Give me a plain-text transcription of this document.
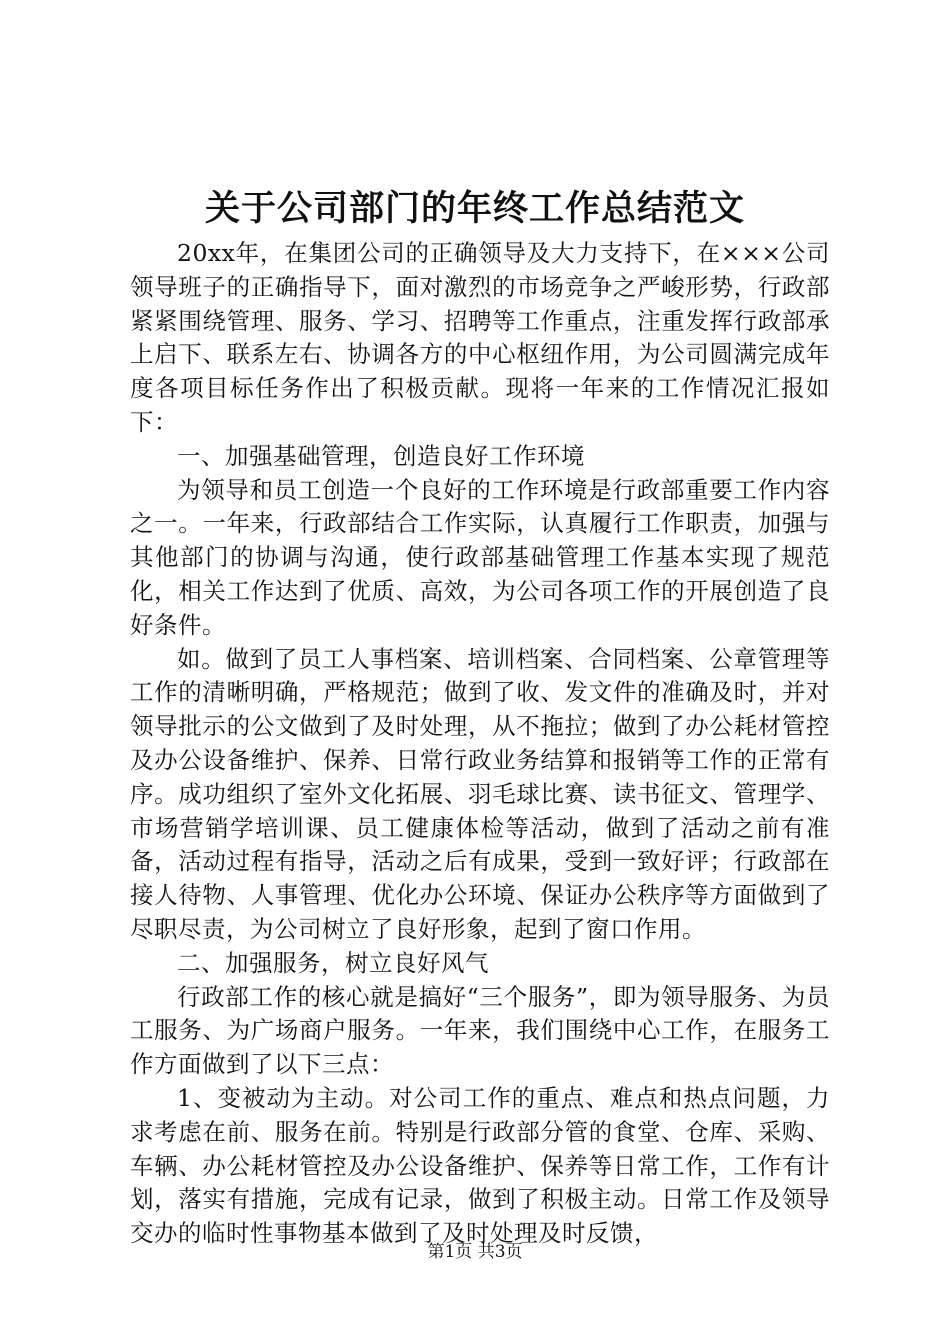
关于公司部门的年终工作总结范文

20xx年，在集团公司的正确领导及大力支持下，在×××公司领导班子的正确指导下，面对激烈的市场竞争之严峻形势，行政部紧紧围绕管理、服务、学习、招聘等工作重点，注重发挥行政部承上启下、联系左右、协调各方的中心枢纽作用，为公司圆满完成年度各项目标任务作出了积极贡献。现将一年来的工作情况汇报如下：

一、加强基础管理，创造良好工作环境

为领导和员工创造一个良好的工作环境是行政部重要工作内容之一。一年来，行政部结合工作实际，认真履行工作职责，加强与其他部门的协调与沟通，使行政部基础管理工作基本实现了规范化，相关工作达到了优质、高效，为公司各项工作的开展创造了良好条件。

如。做到了员工人事档案、培训档案、合同档案、公章管理等工作的清晰明确，严格规范；做到了收、发文件的准确及时，并对领导批示的公文做到了及时处理，从不拖拉；做到了办公耗材管控及办公设备维护、保养、日常行政业务结算和报销等工作的正常有序。成功组织了室外文化拓展、羽毛球比赛、读书征文、管理学、市场营销学培训课、员工健康体检等活动，做到了活动之前有准备，活动过程有指导，活动之后有成果，受到一致好评；行政部在接人待物、人事管理、优化办公环境、保证办公秩序等方面做到了尽职尽责，为公司树立了良好形象，起到了窗口作用。

二、加强服务，树立良好风气

行政部工作的核心就是搞好“三个服务”，即为领导服务、为员工服务、为广场商户服务。一年来，我们围绕中心工作，在服务工作方面做到了以下三点：

1、变被动为主动。对公司工作的重点、难点和热点问题，力求考虑在前、服务在前。特别是行政部分管的食堂、仓库、采购、车辆、办公耗材管控及办公设备维护、保养等日常工作，工作有计划，落实有措施，完成有记录，做到了积极主动。日常工作及领导交办的临时性事物基本做到了及时处理及时反馈，

第1页 共3页
